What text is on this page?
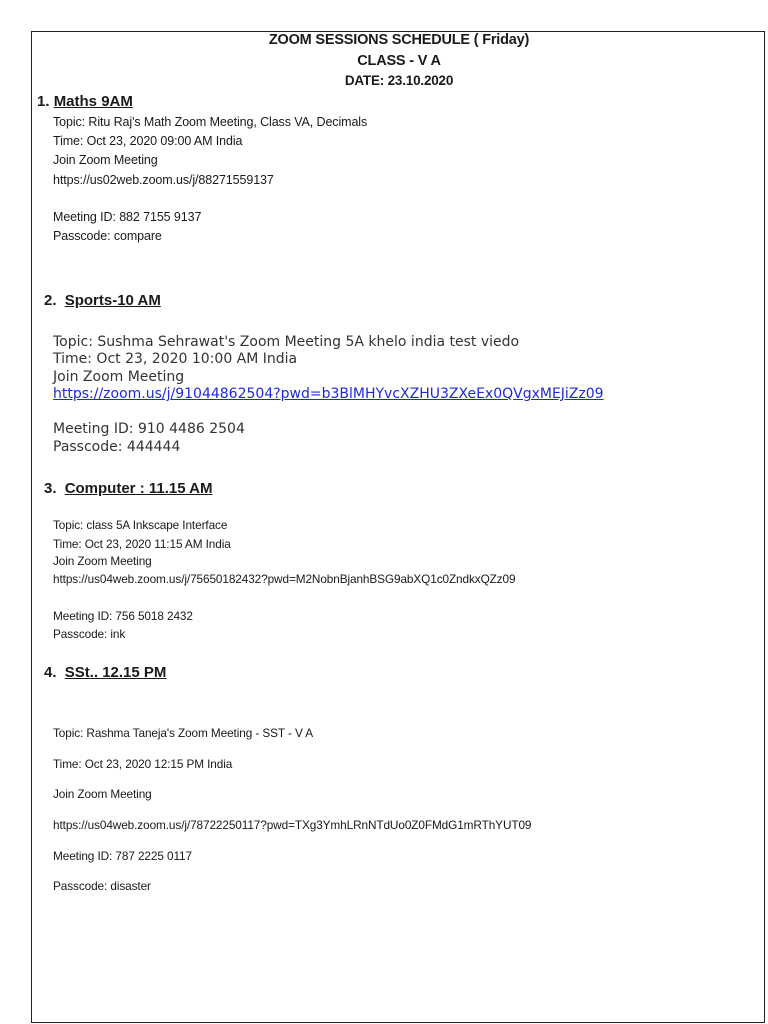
ZOOM SESSIONS SCHEDULE ( Friday)
CLASS - V A
DATE: 23.10.2020
1. Maths 9AM
Topic: Ritu Raj's Math Zoom Meeting, Class VA, Decimals
Time: Oct 23, 2020 09:00 AM India
Join Zoom Meeting
https://us02web.zoom.us/j/88271559137
Meeting ID: 882 7155 9137
Passcode: compare
2. Sports-10 AM
Topic: Sushma Sehrawat's Zoom Meeting 5A khelo india test viedo
Time: Oct 23, 2020 10:00 AM India
Join Zoom Meeting
https://zoom.us/j/91044862504?pwd=b3BlMHYvcXZHU3ZXeEx0QVgxMEJiZz09
Meeting ID: 910 4486 2504
Passcode: 444444
3. Computer : 11.15 AM
Topic: class 5A Inkscape Interface
Time: Oct 23, 2020 11:15 AM India
Join Zoom Meeting
https://us04web.zoom.us/j/75650182432?pwd=M2NobnBjanhBSG9abXQ1c0ZndkxQZz09
Meeting ID: 756 5018 2432
Passcode: ink
4. SSt.. 12.15 PM
Topic: Rashma Taneja's Zoom Meeting - SST - V A
Time: Oct 23, 2020 12:15 PM India
Join Zoom Meeting
https://us04web.zoom.us/j/78722250117?pwd=TXg3YmhLRnNTdUo0Z0FMdG1mRThYUT09
Meeting ID: 787 2225 0117
Passcode: disaster
